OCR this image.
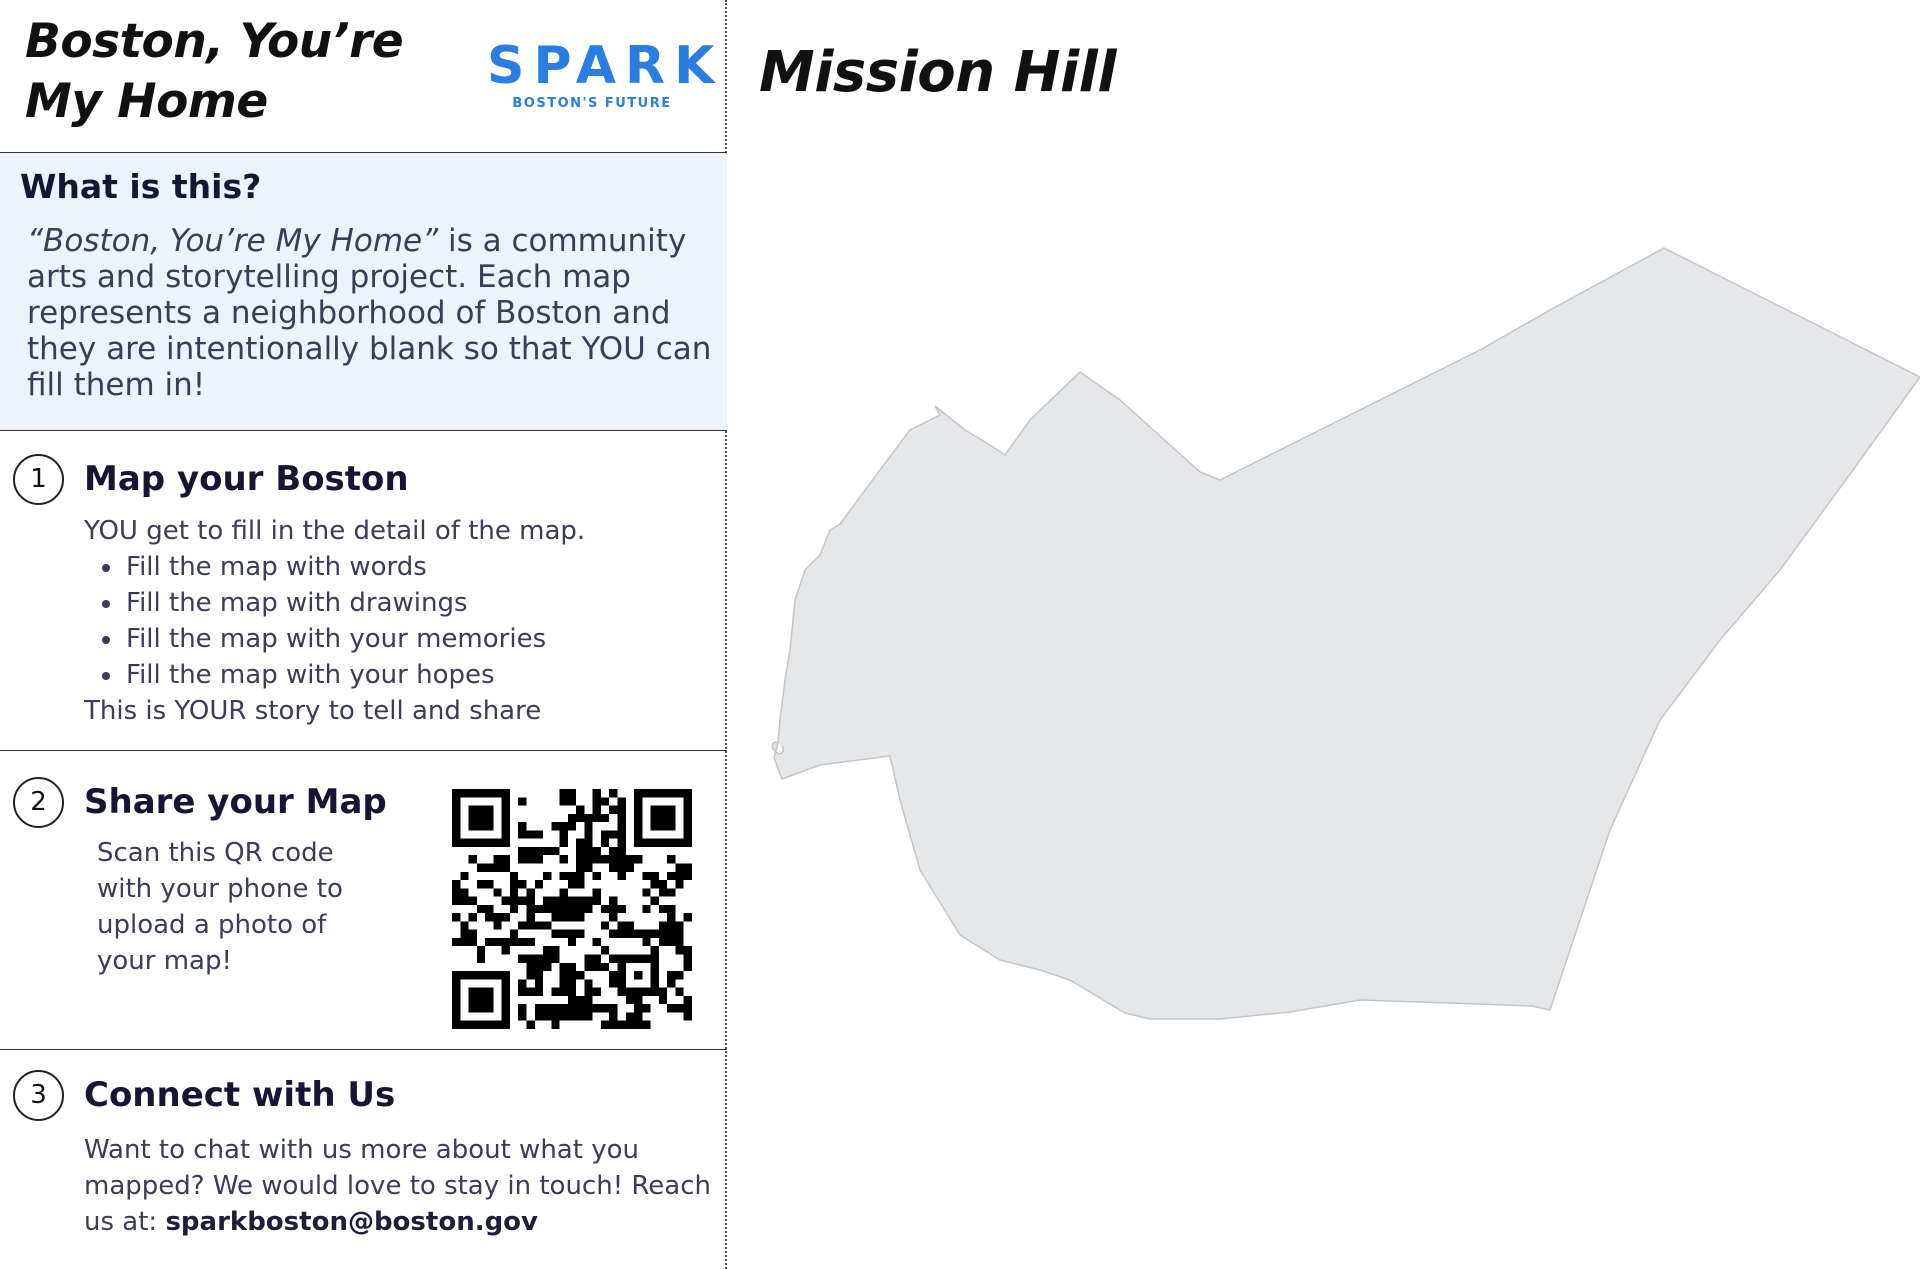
Boston, You’re
My Home
SPARK
BOSTON'S FUTURE
What is this?

“Boston, You’re My Home” is a community arts and storytelling project. Each map represents a neighborhood of Boston and they are intentionally blank so that YOU can fill them in!

1	Map your Boston

YOU get to fill in the detail of the map.

Fill the map with words
Fill the map with drawings
Fill the map with your memories
Fill the map with your hopes

This is YOUR story to tell and share

2	Share your Map

Scan this QR code with your phone to upload a photo of your map!

3	Connect with Us

Want to chat with us more about what you mapped? We would love to stay in touch! Reach us at: sparkboston@boston.gov

Mission Hill
